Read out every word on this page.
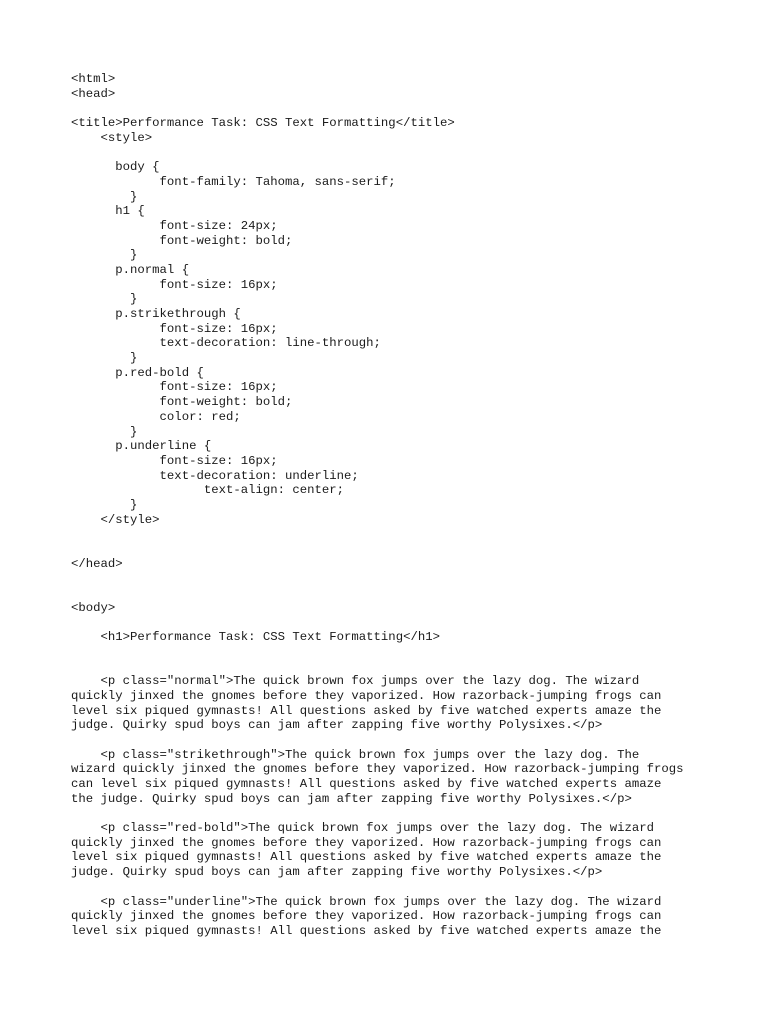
<html>
<head>
<title>Performance Task: CSS Text Formatting</title>
<style>
body {
font-family: Tahoma, sans-serif;
}
h1 {
font-size: 24px;
font-weight: bold;
}
p.normal {
font-size: 16px;
}
p.strikethrough {
font-size: 16px;
text-decoration: line-through;
}
p.red-bold {
font-size: 16px;
font-weight: bold;
color: red;
}
p.underline {
font-size: 16px;
text-decoration: underline;
text-align: center;
}
</style>
</head>
<body>
<h1>Performance Task: CSS Text Formatting</h1>
<p class="normal">The quick brown fox jumps over the lazy dog. The wizard
quickly jinxed the gnomes before they vaporized. How razorback-jumping frogs can
level six piqued gymnasts! All questions asked by five watched experts amaze the
judge. Quirky spud boys can jam after zapping five worthy Polysixes.</p>
<p class="strikethrough">The quick brown fox jumps over the lazy dog. The
wizard quickly jinxed the gnomes before they vaporized. How razorback-jumping frogs
can level six piqued gymnasts! All questions asked by five watched experts amaze
the judge. Quirky spud boys can jam after zapping five worthy Polysixes.</p>
<p class="red-bold">The quick brown fox jumps over the lazy dog. The wizard
quickly jinxed the gnomes before they vaporized. How razorback-jumping frogs can
level six piqued gymnasts! All questions asked by five watched experts amaze the
judge. Quirky spud boys can jam after zapping five worthy Polysixes.</p>
<p class="underline">The quick brown fox jumps over the lazy dog. The wizard
quickly jinxed the gnomes before they vaporized. How razorback-jumping frogs can
level six piqued gymnasts! All questions asked by five watched experts amaze the
